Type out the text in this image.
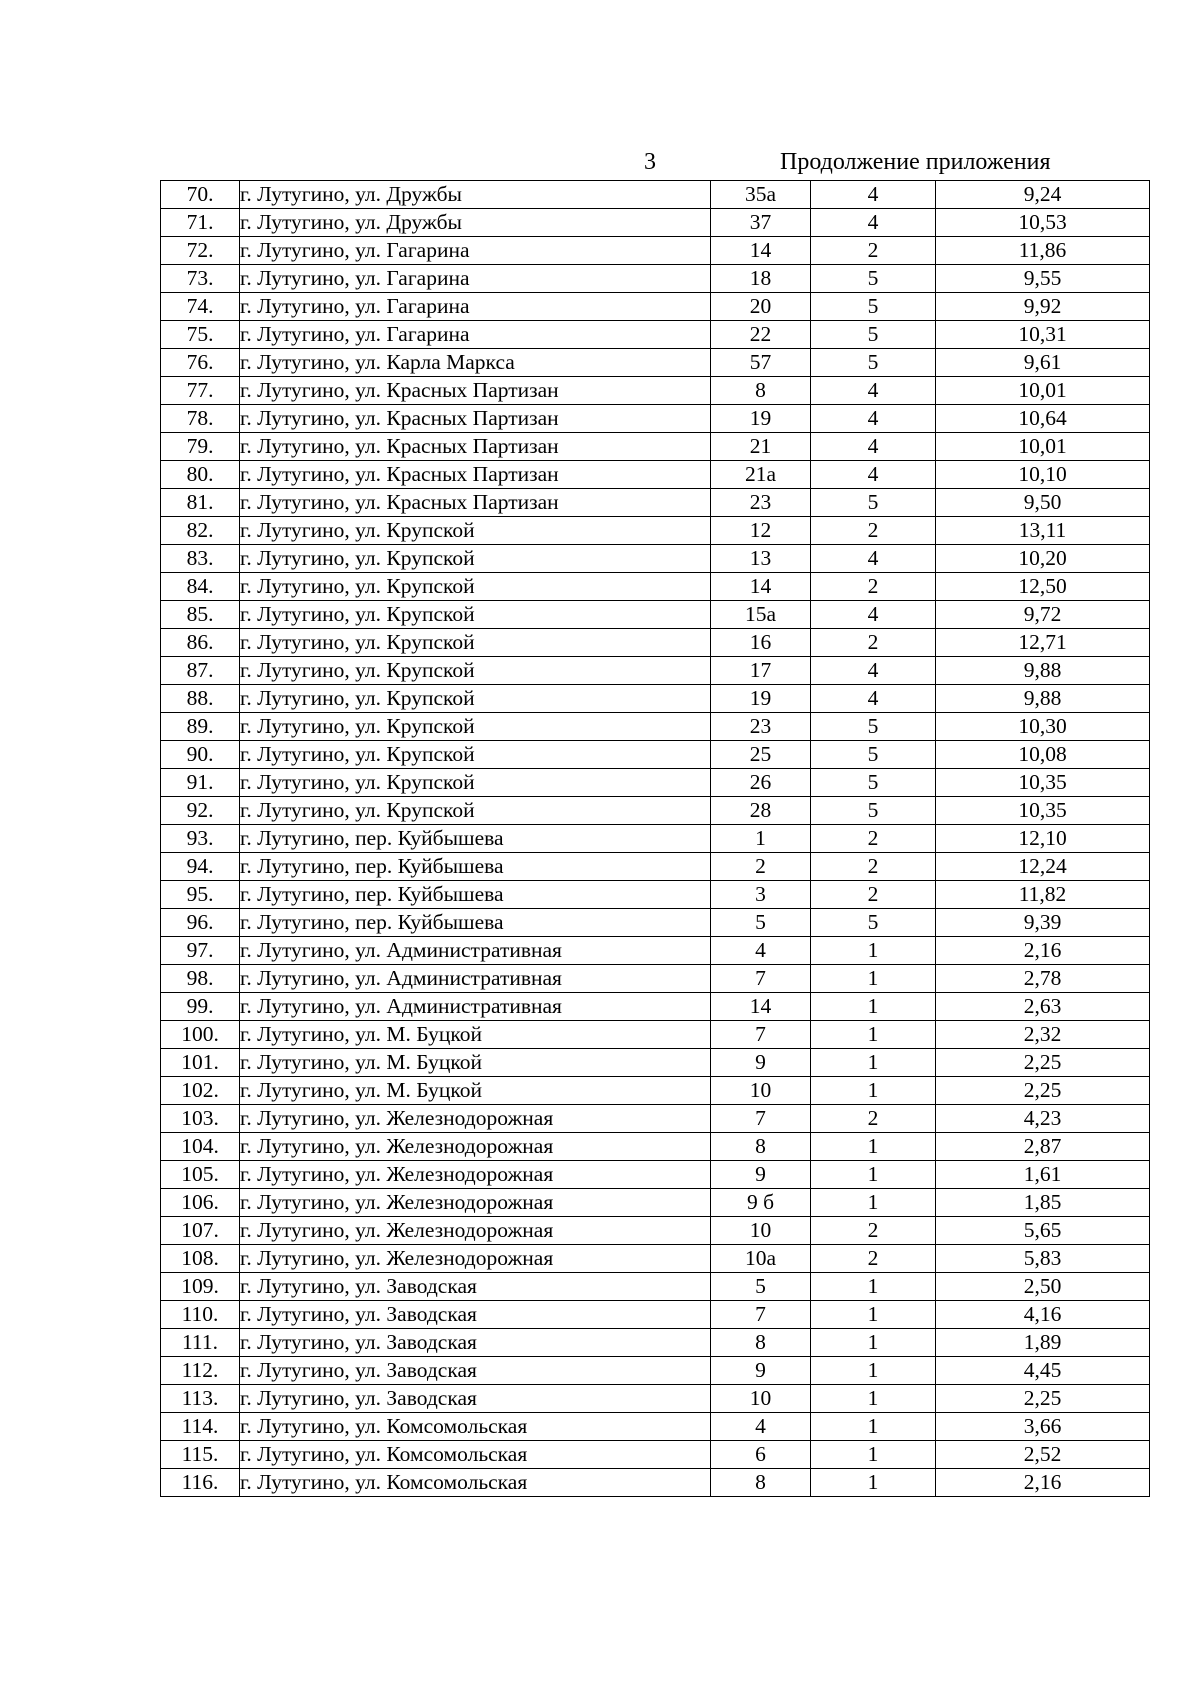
3	Продолжение приложения
70.	г. Лутугино, ул. Дружбы	35а	4	9,24
71.	г. Лутугино, ул. Дружбы	37	4	10,53
72.	г. Лутугино, ул. Гагарина	14	2	11,86
73.	г. Лутугино, ул. Гагарина	18	5	9,55
74.	г. Лутугино, ул. Гагарина	20	5	9,92
75.	г. Лутугино, ул. Гагарина	22	5	10,31
76.	г. Лутугино, ул. Карла Маркса	57	5	9,61
77.	г. Лутугино, ул. Красных Партизан	8	4	10,01
78.	г. Лутугино, ул. Красных Партизан	19	4	10,64
79.	г. Лутугино, ул. Красных Партизан	21	4	10,01
80.	г. Лутугино, ул. Красных Партизан	21а	4	10,10
81.	г. Лутугино, ул. Красных Партизан	23	5	9,50
82.	г. Лутугино, ул. Крупской	12	2	13,11
83.	г. Лутугино, ул. Крупской	13	4	10,20
84.	г. Лутугино, ул. Крупской	14	2	12,50
85.	г. Лутугино, ул. Крупской	15а	4	9,72
86.	г. Лутугино, ул. Крупской	16	2	12,71
87.	г. Лутугино, ул. Крупской	17	4	9,88
88.	г. Лутугино, ул. Крупской	19	4	9,88
89.	г. Лутугино, ул. Крупской	23	5	10,30
90.	г. Лутугино, ул. Крупской	25	5	10,08
91.	г. Лутугино, ул. Крупской	26	5	10,35
92.	г. Лутугино, ул. Крупской	28	5	10,35
93.	г. Лутугино, пер. Куйбышева	1	2	12,10
94.	г. Лутугино, пер. Куйбышева	2	2	12,24
95.	г. Лутугино, пер. Куйбышева	3	2	11,82
96.	г. Лутугино, пер. Куйбышева	5	5	9,39
97.	г. Лутугино, ул. Административная	4	1	2,16
98.	г. Лутугино, ул. Административная	7	1	2,78
99.	г. Лутугино, ул. Административная	14	1	2,63
100.	г. Лутугино, ул. М. Буцкой	7	1	2,32
101.	г. Лутугино, ул. М. Буцкой	9	1	2,25
102.	г. Лутугино, ул. М. Буцкой	10	1	2,25
103.	г. Лутугино, ул. Железнодорожная	7	2	4,23
104.	г. Лутугино, ул. Железнодорожная	8	1	2,87
105.	г. Лутугино, ул. Железнодорожная	9	1	1,61
106.	г. Лутугино, ул. Железнодорожная	9 б	1	1,85
107.	г. Лутугино, ул. Железнодорожная	10	2	5,65
108.	г. Лутугино, ул. Железнодорожная	10а	2	5,83
109.	г. Лутугино, ул. Заводская	5	1	2,50
110.	г. Лутугино, ул. Заводская	7	1	4,16
111.	г. Лутугино, ул. Заводская	8	1	1,89
112.	г. Лутугино, ул. Заводская	9	1	4,45
113.	г. Лутугино, ул. Заводская	10	1	2,25
114.	г. Лутугино, ул. Комсомольская	4	1	3,66
115.	г. Лутугино, ул. Комсомольская	6	1	2,52
116.	г. Лутугино, ул. Комсомольская	8	1	2,16
